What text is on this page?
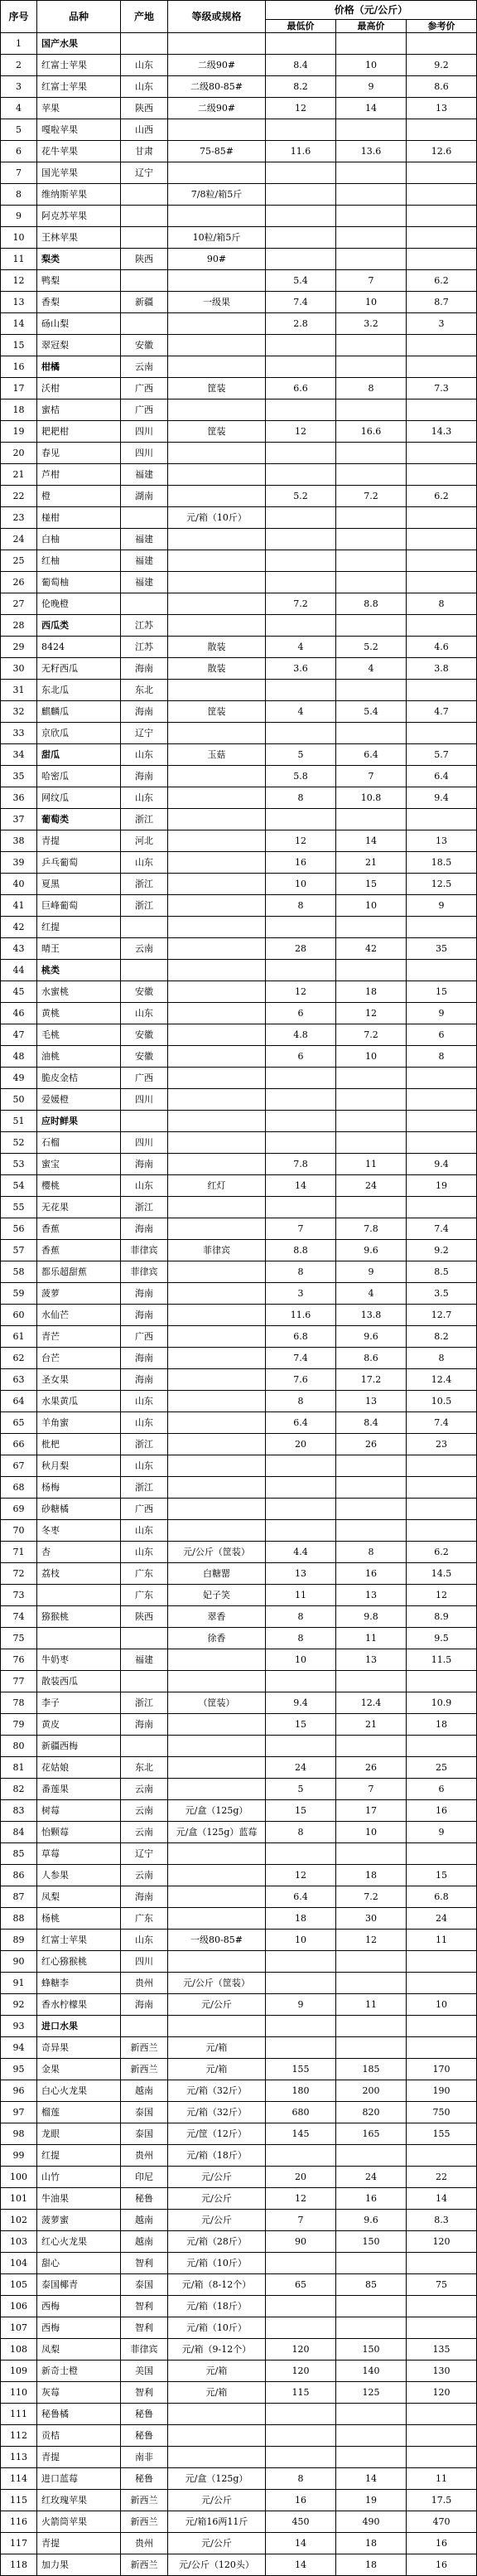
序号	品种	产地	等级或规格	价格（元/公斤）		
				最低价	最高价	参考价
1	国产水果					
2	红富士苹果	山东	二级90#	8.4	10	9.2
3	红富士苹果	山东	二级80-85#	8.2	9	8.6
4	苹果	陕西	二级90#	12	14	13
5	嘎啦苹果	山西				
6	花牛苹果	甘肃	75-85#	11.6	13.6	12.6
7	国光苹果	辽宁				
8	维纳斯苹果		7/8粒/箱5斤			
9	阿克苏苹果					
10	王林苹果		10粒/箱5斤			
11	梨类	陕西	90#			
12	鸭梨			5.4	7	6.2
13	香梨	新疆	一级果	7.4	10	8.7
14	砀山梨			2.8	3.2	3
15	翠冠梨	安徽				
16	柑橘	云南				
17	沃柑	广西	筐装	6.6	8	7.3
18	蜜桔	广西				
19	耙耙柑	四川	筐装	12	16.6	14.3
20	春见	四川				
21	芦柑	福建				
22	橙	湖南		5.2	7.2	6.2
23	椪柑		元/箱（10斤）			
24	白柚	福建				
25	红柚	福建				
26	葡萄柚	福建				
27	伦晚橙			7.2	8.8	8
28	西瓜类	江苏				
29	8424	江苏	散装	4	5.2	4.6
30	无籽西瓜	海南	散装	3.6	4	3.8
31	东北瓜	东北				
32	麒麟瓜	海南	筐装	4	5.4	4.7
33	京欣瓜	辽宁				
34	甜瓜	山东	玉菇	5	6.4	5.7
35	哈密瓜	海南		5.8	7	6.4
36	网纹瓜	山东		8	10.8	9.4
37	葡萄类	浙江				
38	青提	河北		12	14	13
39	乒乓葡萄	山东		16	21	18.5
40	夏黑	浙江		10	15	12.5
41	巨峰葡萄	浙江		8	10	9
42	红提					
43	晴王	云南		28	42	35
44	桃类					
45	水蜜桃	安徽		12	18	15
46	黄桃	山东		6	12	9
47	毛桃	安徽		4.8	7.2	6
48	油桃	安徽		6	10	8
49	脆皮金桔	广西				
50	爱媛橙	四川				
51	应时鲜果					
52	石榴	四川				
53	蜜宝	海南		7.8	11	9.4
54	樱桃	山东	红灯	14	24	19
55	无花果	浙江				
56	香蕉	海南		7	7.8	7.4
57	香蕉	菲律宾	菲律宾	8.8	9.6	9.2
58	都乐超甜蕉	菲律宾		8	9	8.5
59	菠萝	海南		3	4	3.5
60	水仙芒	海南		11.6	13.8	12.7
61	青芒	广西		6.8	9.6	8.2
62	台芒	海南		7.4	8.6	8
63	圣女果	海南		7.6	17.2	12.4
64	水果黄瓜	山东		8	13	10.5
65	羊角蜜	山东		6.4	8.4	7.4
66	枇杷	浙江		20	26	23
67	秋月梨	山东				
68	杨梅	浙江				
69	砂糖橘	广西				
70	冬枣	山东				
71	杏	山东	元/公斤（筐装）	4.4	8	6.2
72	荔枝	广东	白糖罂	13	16	14.5
73		广东	妃子笑	11	13	12
74	猕猴桃	陕西	翠香	8	9.8	8.9
75			徐香	8	11	9.5
76	牛奶枣	福建		10	13	11.5
77	散装西瓜					
78	李子	浙江	（筐装）	9.4	12.4	10.9
79	黄皮	海南		15	21	18
80	新疆西梅					
81	花姑娘	东北		24	26	25
82	番莲果	云南		5	7	6
83	树莓	云南	元/盒（125g）	15	17	16
84	怡颗莓	云南	元/盒（125g）蓝莓	8	10	9
85	草莓	辽宁				
86	人参果	云南		12	18	15
87	凤梨	海南		6.4	7.2	6.8
88	杨桃	广东		18	30	24
89	红富士苹果	山东	一级80-85#	10	12	11
90	红心猕猴桃	四川				
91	蜂糖李	贵州	元/公斤（筐装）			
92	香水柠檬果	海南	元/公斤	9	11	10
93	进口水果					
94	奇异果	新西兰	元/箱			
95	金果	新西兰	元/箱	155	185	170
96	白心火龙果	越南	元/箱（32斤）	180	200	190
97	榴莲	泰国	元/箱（32斤）	680	820	750
98	龙眼	泰国	元/筐（12斤）	145	165	155
99	红提	贵州	元/箱（18斤）			
100	山竹	印尼	元/公斤	20	24	22
101	牛油果	秘鲁	元/公斤	12	16	14
102	菠萝蜜	越南	元/公斤	7	9.6	8.3
103	红心火龙果	越南	元/箱（28斤）	90	150	120
104	甜心	智利	元/箱（10斤）			
105	泰国椰青	泰国	元/箱（8-12个）	65	85	75
106	西梅	智利	元/箱（18斤）			
107	西梅	智利	元/箱（10斤）			
108	凤梨	菲律宾	元/箱（9-12个）	120	150	135
109	新奇士橙	美国	元/箱	120	140	130
110	灰莓	智利	元/箱	115	125	120
111	秘鲁橘	秘鲁				
112	贡桔	秘鲁				
113	青提	南非				
114	进口蓝莓	秘鲁	元/盒（125g）	8	14	11
115	红玫瑰苹果	新西兰	元/公斤	16	19	17.5
116	火箭筒苹果	新西兰	元/箱16两11斤	450	490	470
117	青提	贵州	元/公斤	14	18	16
118	加力果	新西兰	元/公斤（120头）	14	18	16
